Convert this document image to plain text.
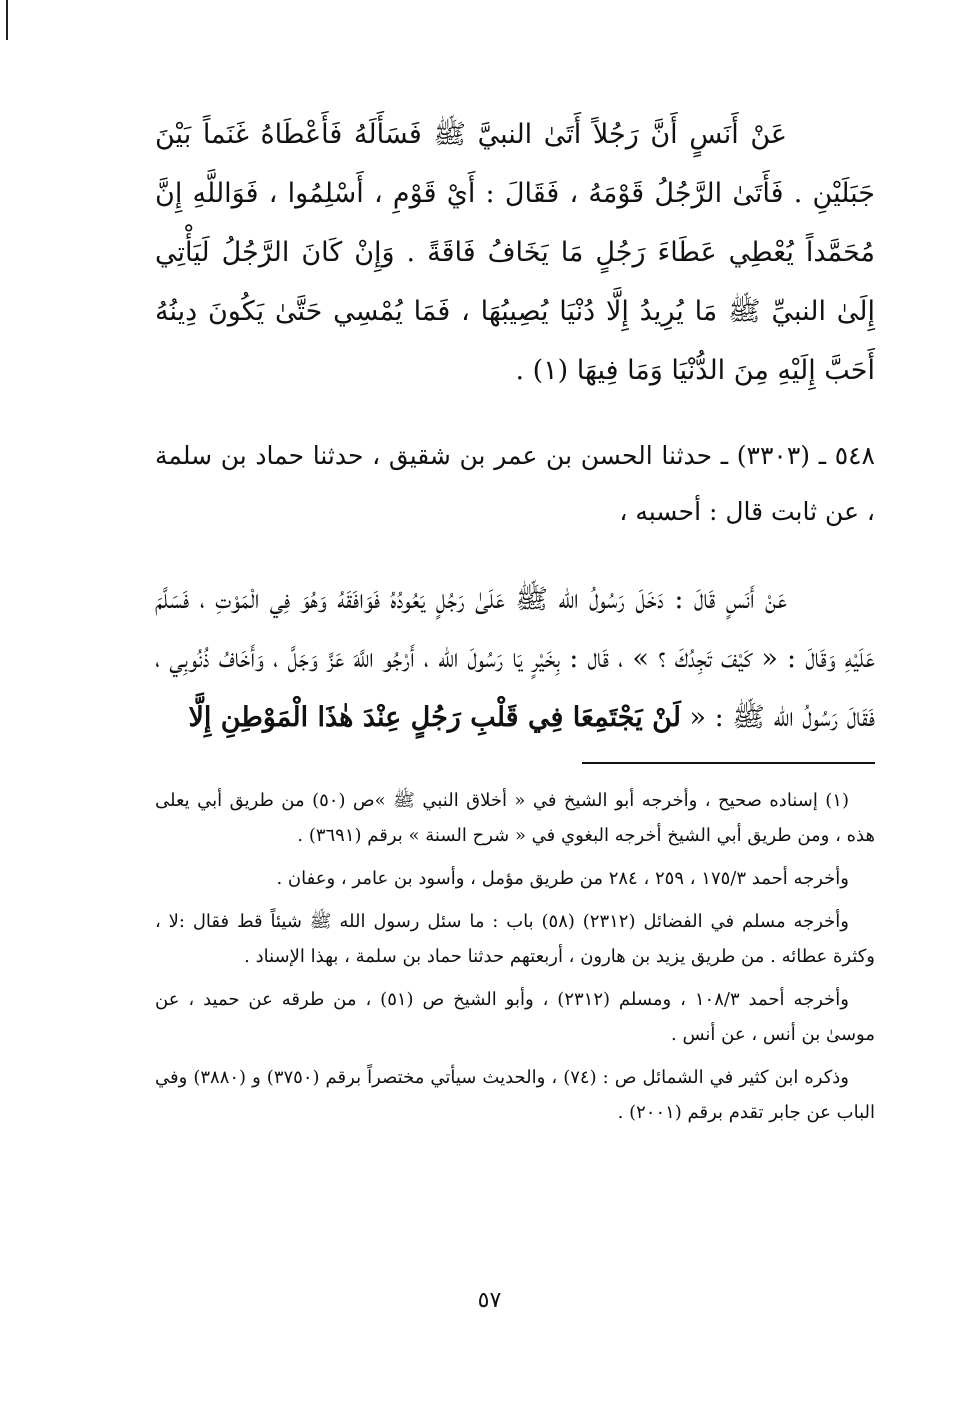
عَنْ أَنَسٍ أَنَّ رَجُلاً أَتَىٰ النبيَّ ﷺ فَسَأَلَهُ فَأَعْطَاهُ غَنَماً بَيْنَ جَبَلَيْنِ . فَأَتَىٰ الرَّجُلُ قَوْمَهُ ، فَقَالَ : أَيْ قَوْمِ ، أَسْلِمُوا ، فَوَاللَّهِ إِنَّ مُحَمَّداً يُعْطِي عَطَاءَ رَجُلٍ مَا يَخَافُ فَاقَةً . وَإِنْ كَانَ الرَّجُلُ لَيَأْتِي إِلَىٰ النبيِّ ﷺ مَا يُرِيدُ إِلَّا دُنْيَا يُصِيبُهَا ، فَمَا يُمْسِي حَتَّىٰ يَكُونَ دِينُهُ أَحَبَّ إِلَيْهِ مِنَ الدُّنْيَا وَمَا فِيهَا (١) .

٥٤٨ ـ (٣٣٠٣) ـ حدثنا الحسن بن عمر بن شقيق ، حدثنا حماد بن سلمة ، عن ثابت قال : أحسبه ،

عَنْ أَنَسٍ قَالَ : دَخَلَ رَسُولُ الله ﷺ عَلَىٰ رَجُلٍ يَعُودُهُ فَوَافَقَهُ وَهُوَ فِي الْمَوْتِ ، فَسَلَّمَ عَلَيْهِ وَقَالَ : « كَيْفَ تَجِدُكَ ؟ » ، قَال : بِخَيْرٍ يَا رَسُولَ الله ، أَرْجُو اللَّهَ عَزَّ وَجَلَّ ، وَأَخَافُ ذُنُوبِي ، فَقَالَ رَسُولُ الله ﷺ : « لَنْ يَجْتَمِعَا فِي قَلْبِ رَجُلٍ عِنْدَ هٰذَا الْمَوْطِنِ إِلَّا

(١) إسناده صحيح ، وأخرجه أبو الشيخ في « أخلاق النبي ﷺ »ص (٥٠) من طريق أبي يعلى هذه ، ومن طريق أبي الشيخ أخرجه البغوي في « شرح السنة » برقم (٣٦٩١) .

وأخرجه أحمد ١٧٥/٣ ، ٢٥٩ ، ٢٨٤ من طريق مؤمل ، وأسود بن عامر ، وعفان .

وأخرجه مسلم في الفضائل (٢٣١٢) (٥٨) باب : ما سئل رسول الله ﷺ شيئاً قط فقال :لا ، وكثرة عطائه . من طريق يزيد بن هارون ، أربعتهم حدثنا حماد بن سلمة ، بهذا الإسناد .

وأخرجه أحمد ١٠٨/٣ ، ومسلم (٢٣١٢) ، وأبو الشيخ ص (٥١) ، من طرقه عن حميد ، عن موسىٰ بن أنس ، عن أنس .

وذكره ابن كثير في الشمائل ص : (٧٤) ، والحديث سيأتي مختصراً برقم (٣٧٥٠) و (٣٨٨٠) وفي الباب عن جابر تقدم برقم (٢٠٠١) .

٥٧
